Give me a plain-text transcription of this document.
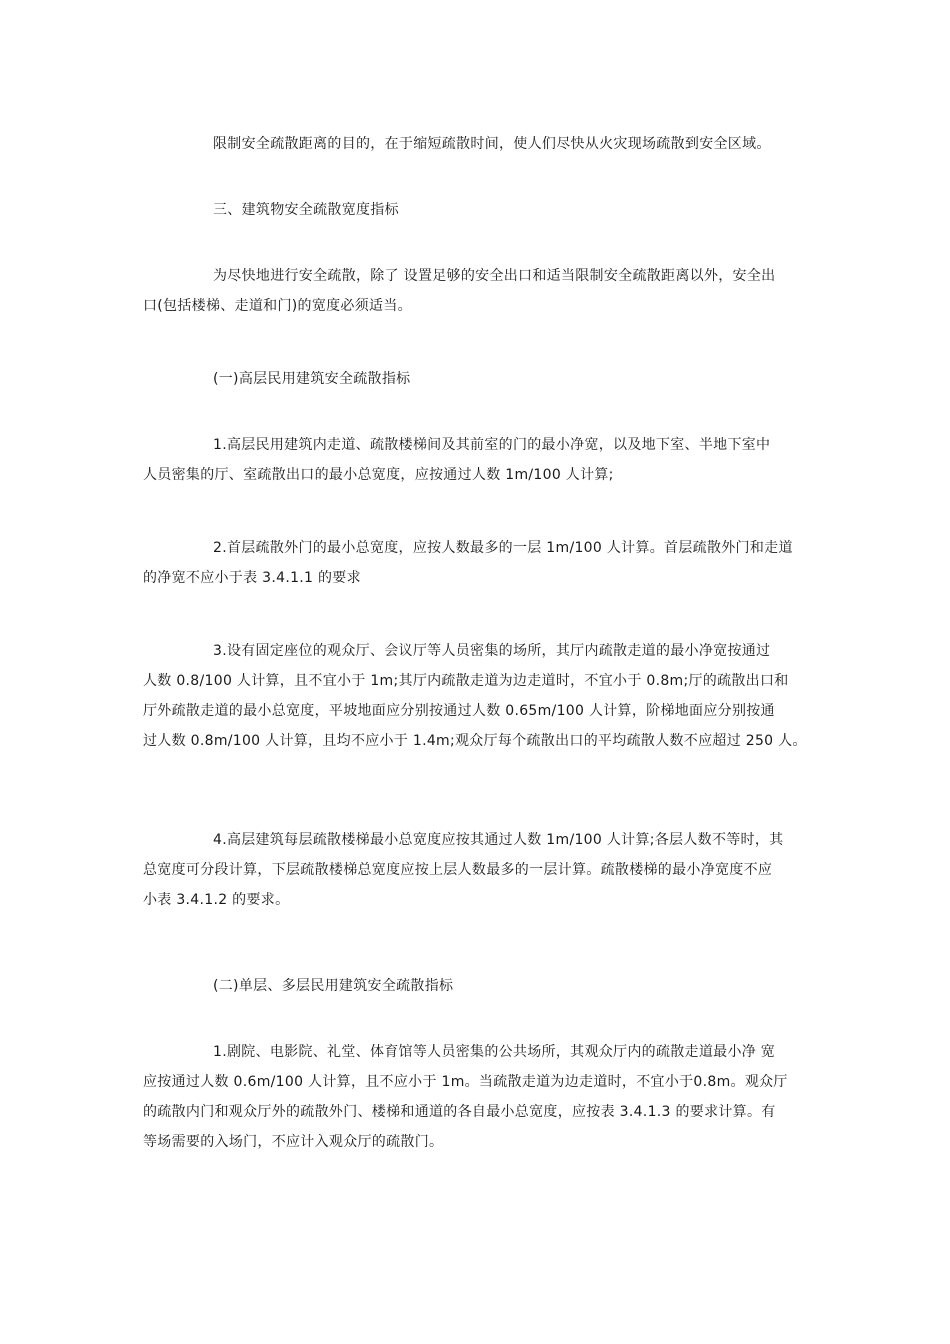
限制安全疏散距离的目的，在于缩短疏散时间，使人们尽快从火灾现场疏散到安全区域。
三、建筑物安全疏散宽度指标
为尽快地进行安全疏散，除了 设置足够的安全出口和适当限制安全疏散距离以外，安全出
口(包括楼梯、走道和门)的宽度必须适当。
(一)高层民用建筑安全疏散指标
1.高层民用建筑内走道、疏散楼梯间及其前室的门的最小净宽，以及地下室、半地下室中
人员密集的厅、室疏散出口的最小总宽度，应按通过人数 1m/100 人计算;
2.首层疏散外门的最小总宽度，应按人数最多的一层 1m/100 人计算。首层疏散外门和走道
的净宽不应小于表 3.4.1.1 的要求
3.设有固定座位的观众厅、会议厅等人员密集的场所，其厅内疏散走道的最小净宽按通过
人数 0.8/100 人计算，且不宜小于 1m;其厅内疏散走道为边走道时，不宜小于 0.8m;厅的疏散出口和
厅外疏散走道的最小总宽度，平坡地面应分别按通过人数 0.65m/100 人计算，阶梯地面应分别按通
过人数 0.8m/100 人计算，且均不应小于 1.4m;观众厅每个疏散出口的平均疏散人数不应超过 250 人。
4.高层建筑每层疏散楼梯最小总宽度应按其通过人数 1m/100 人计算;各层人数不等时，其
总宽度可分段计算，下层疏散楼梯总宽度应按上层人数最多的一层计算。疏散楼梯的最小净宽度不应
小表 3.4.1.2 的要求。
(二)单层、多层民用建筑安全疏散指标
1.剧院、电影院、礼堂、体育馆等人员密集的公共场所，其观众厅内的疏散走道最小净 宽
应按通过人数 0.6m/100 人计算，且不应小于 1m。当疏散走道为边走道时，不宜小于0.8m。观众厅
的疏散内门和观众厅外的疏散外门、楼梯和通道的各自最小总宽度，应按表 3.4.1.3 的要求计算。有
等场需要的入场门，不应计入观众厅的疏散门。
